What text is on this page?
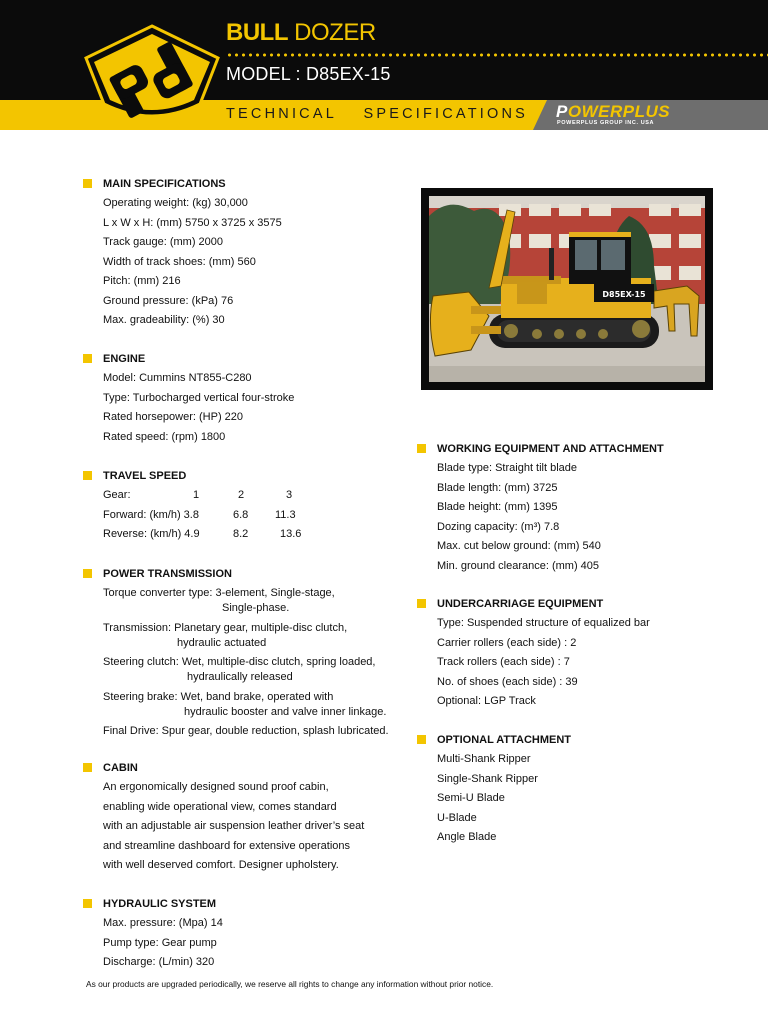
BULL DOZER
MODEL : D85EX-15
TECHNICAL SPECIFICATIONS POWERPLUS
POWERPLUS GROUP INC. USA
MAIN SPECIFICATIONS
Operating weight: (kg) 30,000
L x W x H: (mm) 5750 x 3725 x 3575
Track gauge: (mm) 2000
Width of track shoes: (mm) 560
Pitch: (mm) 216
Ground pressure: (kPa) 76
Max. gradeability: (%) 30
ENGINE
Model: Cummins NT855-C280
Type: Turbocharged vertical four-stroke
Rated horsepower: (HP) 220
Rated speed: (rpm) 1800
TRAVEL SPEED
Gear:	1	2	3
Forward: (km/h) 3.8	6.8 11.3
Reverse: (km/h) 4.9	8.2	13.6
POWER TRANSMISSION
Torque converter type: 3-element, Single-stage,
Single-phase.
Transmission: Planetary gear, multiple-disc clutch,
hydraulic actuated
Steering clutch: Wet, multiple-disc clutch, spring loaded,
hydraulically released
Steering brake: Wet, band brake, operated with
hydraulic booster and valve inner linkage.
Final Drive: Spur gear, double reduction, splash lubricated.
CABIN
An ergonomically designed sound proof cabin,
enabling wide operational view, comes standard
with an adjustable air suspension leather driver’s seat
and streamline dashboard for extensive operations
with well deserved comfort. Designer upholstery.
HYDRAULIC SYSTEM
Max. pressure: (Mpa) 14
Pump type: Gear pump
Discharge: (L/min) 320
D85EX-15
WORKING EQUIPMENT AND ATTACHMENT
Blade type: Straight tilt blade
Blade length: (mm) 3725
Blade height: (mm) 1395
Dozing capacity: (m³) 7.8
Max. cut below ground: (mm) 540
Min. ground clearance: (mm) 405
UNDERCARRIAGE EQUIPMENT
Type: Suspended structure of equalized bar
Carrier rollers (each side) : 2
Track rollers (each side) : 7
No. of shoes (each side) : 39
Optional: LGP Track
OPTIONAL ATTACHMENT
Multi-Shank Ripper
Single-Shank Ripper
Semi-U Blade
U-Blade
Angle Blade
As our products are upgraded periodically, we reserve all rights to change any information without prior notice.
